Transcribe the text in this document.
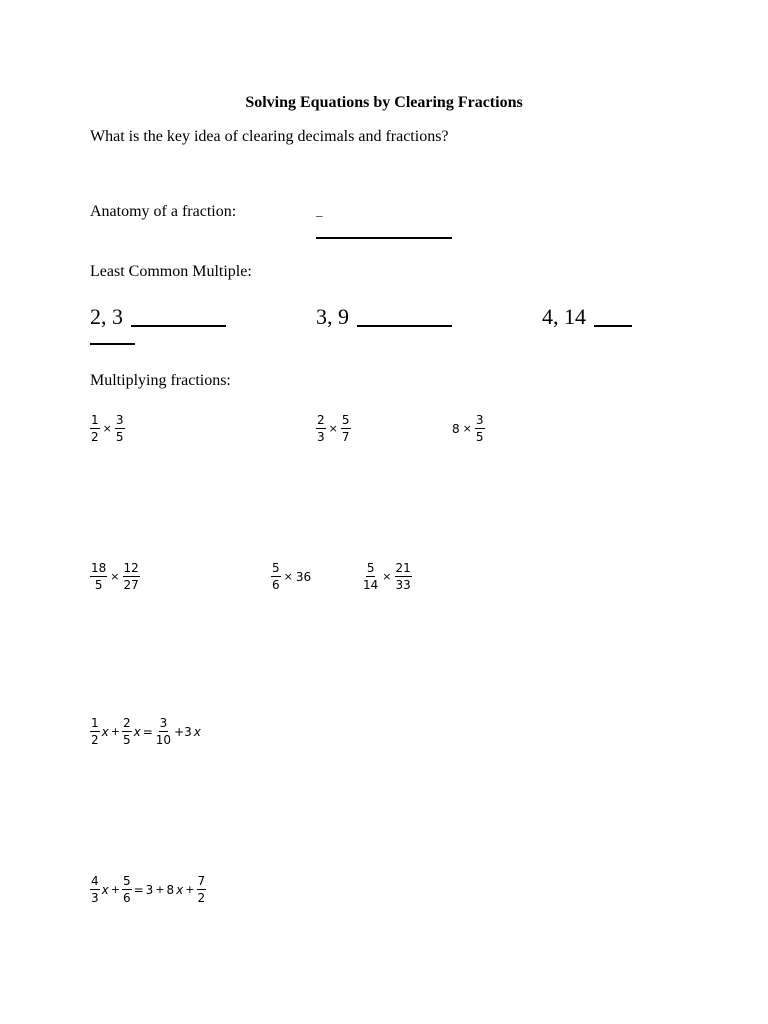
Solving Equations by Clearing Fractions
What is the key idea of clearing decimals and fractions?
Anatomy of a fraction:	_
Least Common Multiple:
2, 3	3, 9	4, 14
Multiplying fractions:
$\frac{1}{2} \times \frac{3}{5}$	$\frac{2}{3} \times \frac{5}{7}$	$8 \times \frac{3}{5}$
$\frac{18}{5} \times \frac{12}{27}$	$\frac{5}{6} \times 36$	$\frac{5}{14} \times \frac{21}{33}$
$\frac{1}{2}$ $x + \frac{2}{5}$ $x = \frac{3}{10} +3$ x
$\frac{4}{3}$ $x + \frac{5}{6} = 3 + 8$ $x + \frac{7}{2}$
